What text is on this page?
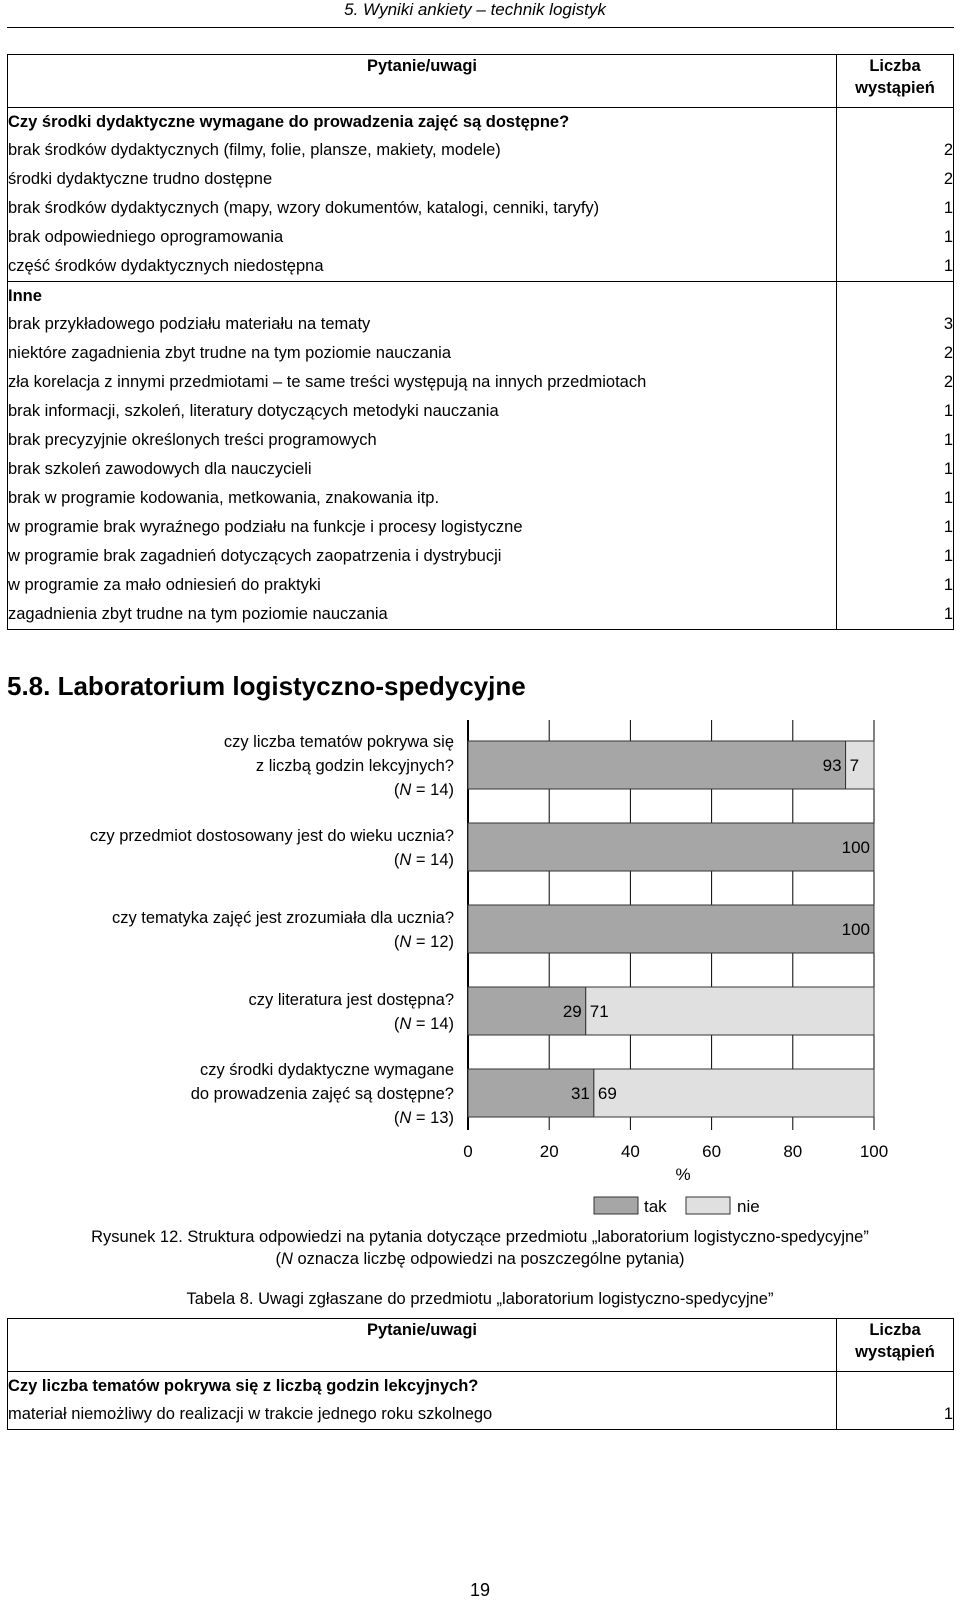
5. Wyniki ankiety – technik logistyk
Pytanie/uwagi	Liczba wystąpień
Czy środki dydaktyczne wymagane do prowadzenia zajęć są dostępne?	
brak środków dydaktycznych (filmy, folie, plansze, makiety, modele)	2
środki dydaktyczne trudno dostępne	2
brak środków dydaktycznych (mapy, wzory dokumentów, katalogi, cenniki, taryfy)	1
brak odpowiedniego oprogramowania	1
część środków dydaktycznych niedostępna	1
Inne	
brak przykładowego podziału materiału na tematy	3
niektóre zagadnienia zbyt trudne na tym poziomie nauczania	2
zła korelacja z innymi przedmiotami – te same treści występują na innych przedmiotach	2
brak informacji, szkoleń, literatury dotyczących metodyki nauczania	1
brak precyzyjnie określonych treści programowych	1
brak szkoleń zawodowych dla nauczycieli	1
brak w programie kodowania, metkowania, znakowania itp.	1
w programie brak wyraźnego podziału na funkcje i procesy logistyczne	1
w programie brak zagadnień dotyczących zaopatrzenia i dystrybucji	1
w programie za mało odniesień do praktyki	1
zagadnienia zbyt trudne na tym poziomie nauczania	1
5.8. Laboratorium logistyczno-spedycyjne
93 7
100
100
29 71
31 69
czy liczba tematów pokrywa się
z liczbą godzin lekcyjnych?
(N = 14)
czy przedmiot dostosowany jest do wieku ucznia?
(N = 14)
czy tematyka zajęć jest zrozumiała dla ucznia?
(N = 12)
czy literatura jest dostępna?
(N = 14)
czy środki dydaktyczne wymagane
do prowadzenia zajęć są dostępne?
(N = 13)
0	20	40	60	80	100
%
tak	nie
Rysunek 12. Struktura odpowiedzi na pytania dotyczące przedmiotu „laboratorium logistyczno-spedycyjne”
(N oznacza liczbę odpowiedzi na poszczególne pytania)
Tabela 8. Uwagi zgłaszane do przedmiotu „laboratorium logistyczno-spedycyjne”
Pytanie/uwagi	Liczba wystąpień
Czy liczba tematów pokrywa się z liczbą godzin lekcyjnych?	
materiał niemożliwy do realizacji w trakcie jednego roku szkolnego	1
19
